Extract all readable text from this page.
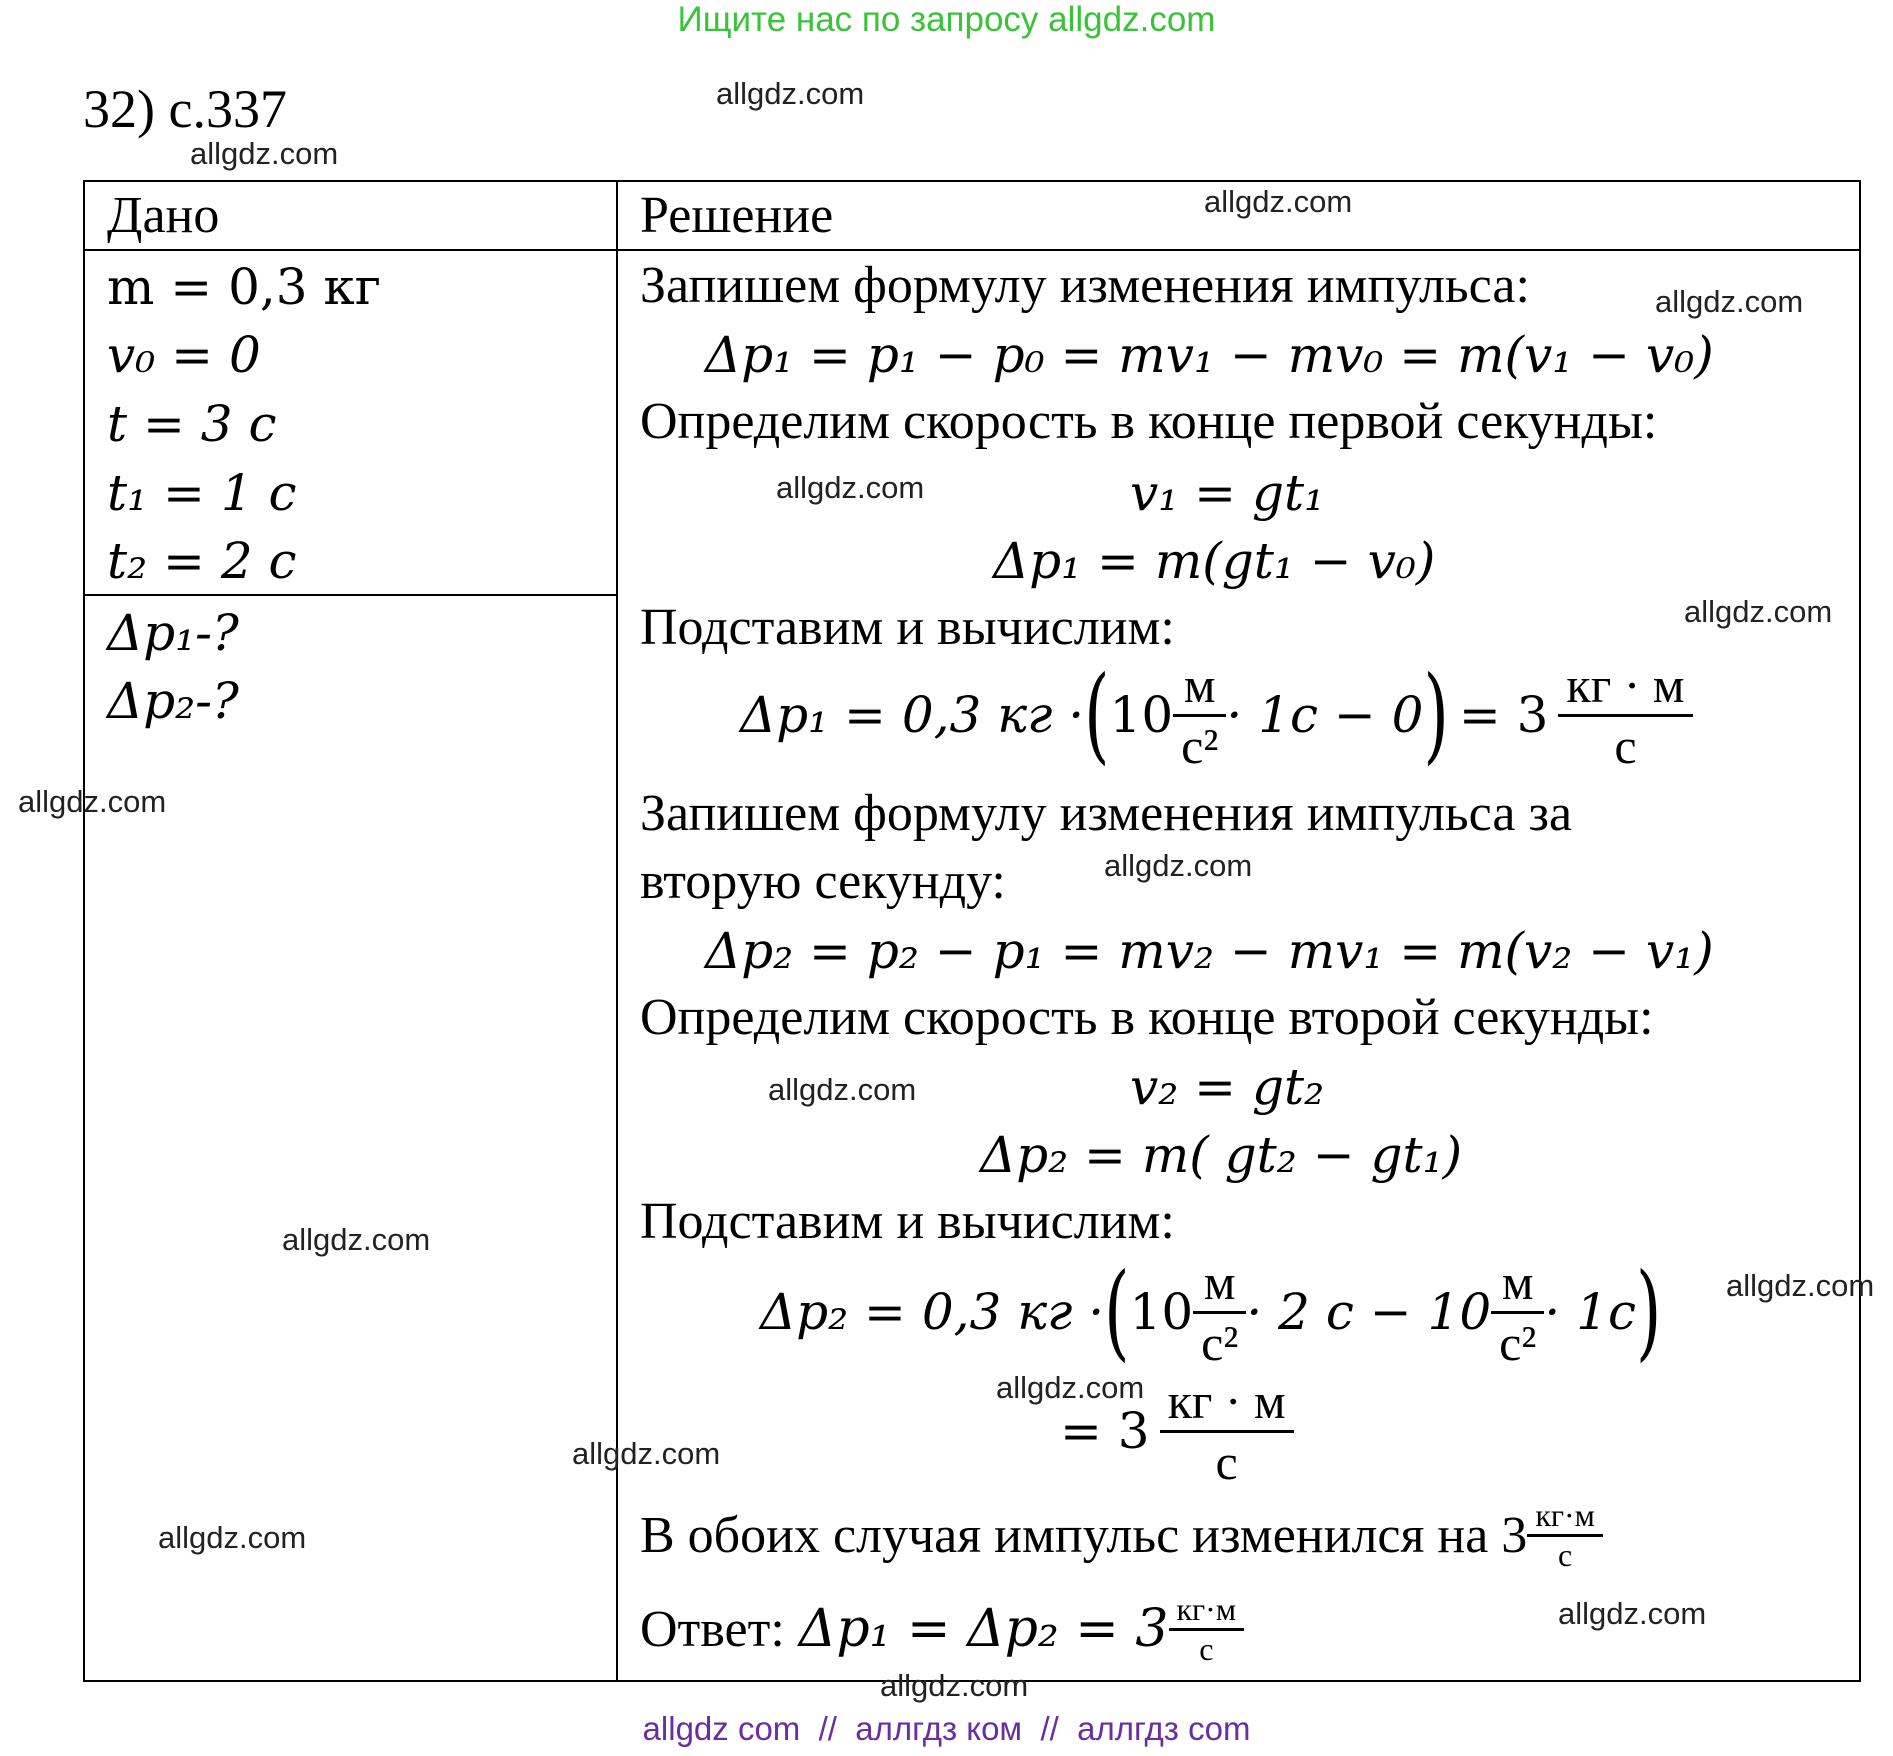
Ищите нас по запросу allgdz.com
32) с.337
Дано	Решение
m = 0,3 кг
v₀ = 0
t = 3 с
t₁ = 1 с
t₂ = 2 с
Δp₁-?
Δp₂-?
Запишем формулу изменения импульса:
Δp₁ = p₁ − p₀ = mv₁ − mv₀ = m(v₁ − v₀)
Определим скорость в конце первой секунды:
v₁ = gt₁
Δp₁ = m(gt₁ − v₀)
Подставим и вычислим:
Δp₁ = 0,3 кг · ( $10 \frac{м}{\text{с²}} \cdot 1с - 0$ ) = $3 \frac{кг \cdot м}{с}$
Запишем формулу изменения импульса за
вторую секунду:
Δp₂ = p₂ − p₁ = mv₂ − mv₁ = m(v₂ − v₁)
Определим скорость в конце второй секунды:
v₂ = gt₂
Δp₂ = m( gt₂ − gt₁)
Подставим и вычислим:
Δp₂ = 0,3 кг · ( $10 \frac{м}{\text{с²}} \cdot 2$ $с - 10 \frac{м}{\text{с²}} \cdot 1с$ )
= $3 \frac{кг \cdot м}{с}$
В обоих случая импульс изменился на $3 \frac{кг\cdot м}{с}$
Ответ: $\Delta p_1 = \Delta p_2 = 3 \frac{кг\cdot м}{с}$
allgdz.com
allgdz.com
allgdz.com
allgdz.com
allgdz.com
allgdz.com
allgdz.com
allgdz.com
allgdz.com
allgdz.com
allgdz.com
allgdz.com
allgdz.com
allgdz.com
allgdz.com
allgdz.com
allgdz com  //  аллгдз ком  //  аллгдз com
